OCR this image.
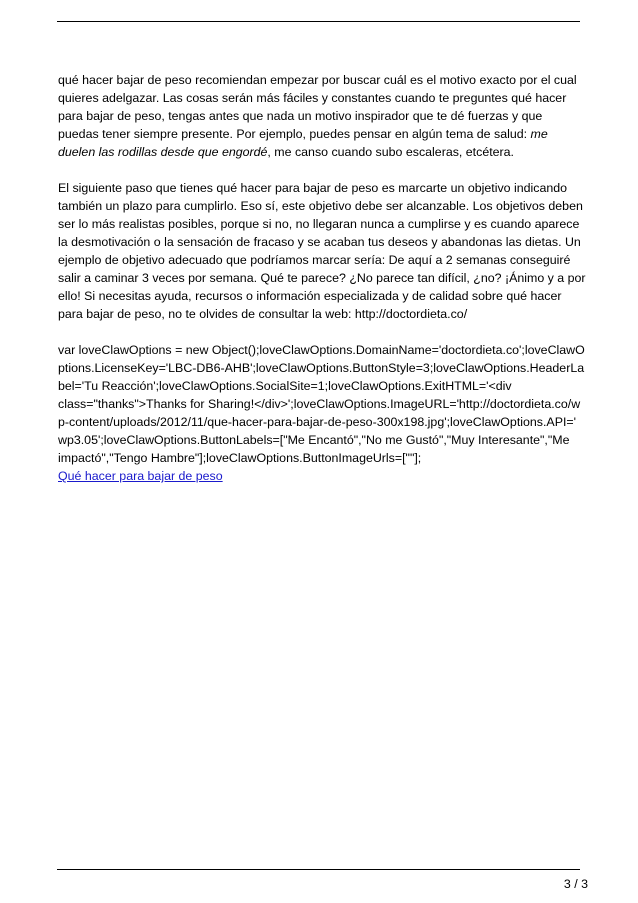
qué hacer bajar de peso recomiendan empezar por buscar cuál es el motivo exacto por el cual
quieres adelgazar. Las cosas serán más fáciles y constantes cuando te preguntes qué hacer
para bajar de peso, tengas antes que nada un motivo inspirador que te dé fuerzas y que
puedas tener siempre presente. Por ejemplo, puedes pensar en algún tema de salud: me
duelen las rodillas desde que engordé, me canso cuando subo escaleras, etcétera.

El siguiente paso que tienes qué hacer para bajar de peso es marcarte un objetivo indicando
también un plazo para cumplirlo. Eso sí, este objetivo debe ser alcanzable. Los objetivos deben
ser lo más realistas posibles, porque si no, no llegaran nunca a cumplirse y es cuando aparece
la desmotivación o la sensación de fracaso y se acaban tus deseos y abandonas las dietas. Un
ejemplo de objetivo adecuado que podríamos marcar sería: De aquí a 2 semanas conseguiré
salir a caminar 3 veces por semana. Qué te parece? ¿No parece tan difícil, ¿no? ¡Ánimo y a por
ello! Si necesitas ayuda, recursos o información especializada y de calidad sobre qué hacer
para bajar de peso, no te olvides de consultar la web: http://doctordieta.co/

var loveClawOptions = new Object();loveClawOptions.DomainName='doctordieta.co';loveClawO
ptions.LicenseKey='LBC-DB6-AHB';loveClawOptions.ButtonStyle=3;loveClawOptions.HeaderLa
bel='Tu Reacción';loveClawOptions.SocialSite=1;loveClawOptions.ExitHTML='<div
class="thanks">Thanks for Sharing!</div>';loveClawOptions.ImageURL='http://doctordieta.co/w
p-content/uploads/2012/11/que-hacer-para-bajar-de-peso-300x198.jpg';loveClawOptions.API='
wp3.05';loveClawOptions.ButtonLabels=["Me Encantó","No me Gustó","Muy Interesante","Me
impactó","Tengo Hambre"];loveClawOptions.ButtonImageUrls=[""];

Qué hacer para bajar de peso
3 / 3
